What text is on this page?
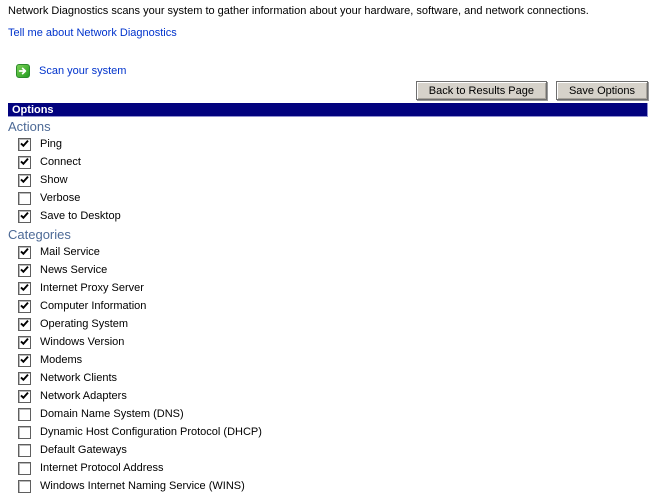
Network Diagnostics scans your system to gather information about your hardware, software, and network connections.

Tell me about Network Diagnostics
Scan your system
Back to Results Page	Save Options
Options
Actions
Ping
Connect
Show
Verbose
Save to Desktop
Categories
Mail Service
News Service
Internet Proxy Server
Computer Information
Operating System
Windows Version
Modems
Network Clients
Network Adapters
Domain Name System (DNS)
Dynamic Host Configuration Protocol (DHCP)
Default Gateways
Internet Protocol Address
Windows Internet Naming Service (WINS)
